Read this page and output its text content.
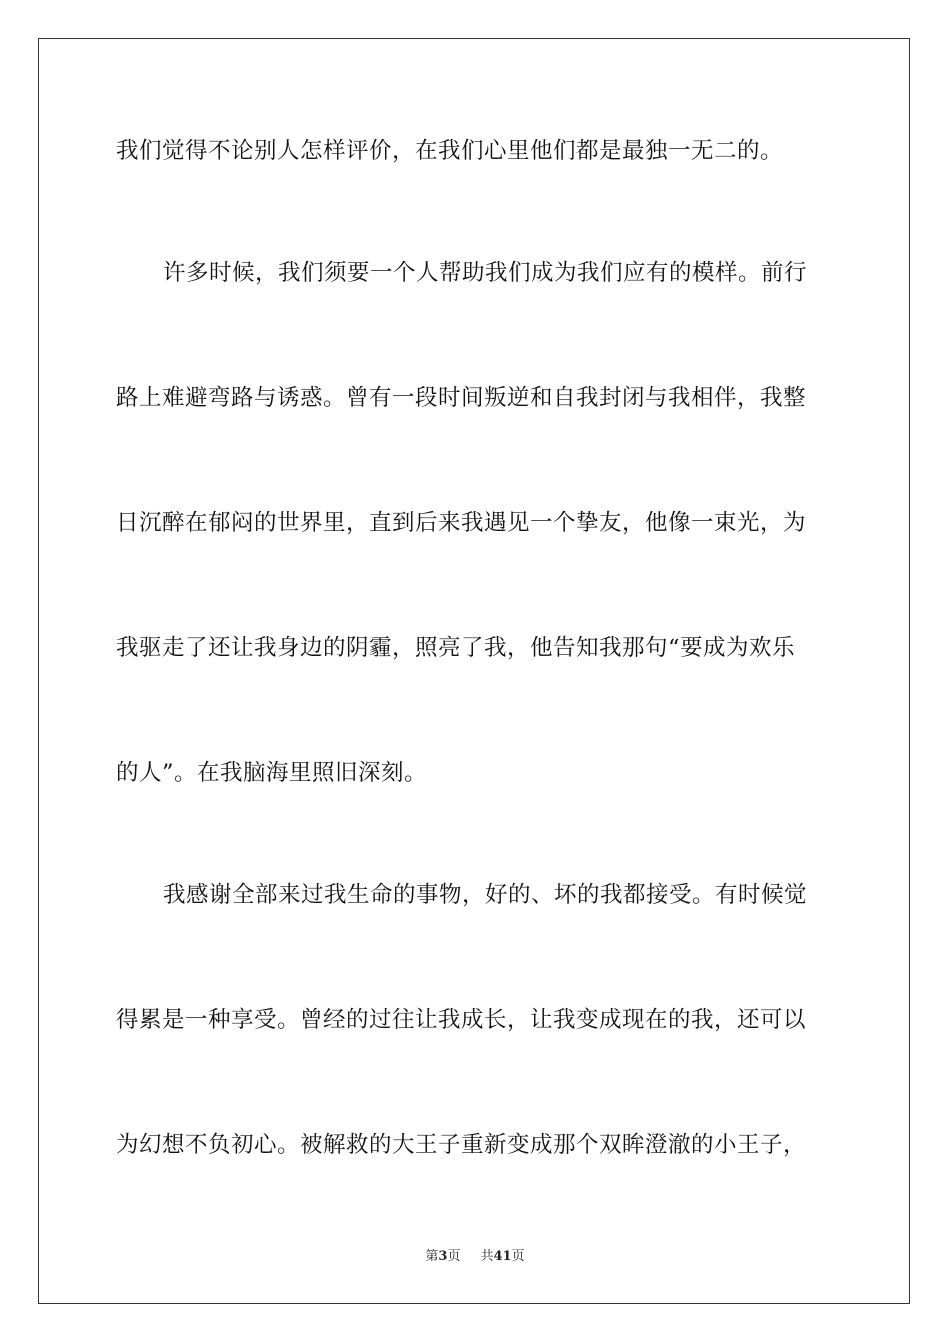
我们觉得不论别人怎样评价，在我们心里他们都是最独一无二的。
许多时候，我们须要一个人帮助我们成为我们应有的模样。前行
路上难避弯路与诱惑。曾有一段时间叛逆和自我封闭与我相伴，我整
日沉醉在郁闷的世界里，直到后来我遇见一个挚友，他像一束光，为
我驱走了还让我身边的阴霾，照亮了我，他告知我那句“要成为欢乐
的人”。在我脑海里照旧深刻。
我感谢全部来过我生命的事物，好的、坏的我都接受。有时候觉
得累是一种享受。曾经的过往让我成长，让我变成现在的我，还可以
为幻想不负初心。被解救的大王子重新变成那个双眸澄澈的小王子，
第3页 共41页
